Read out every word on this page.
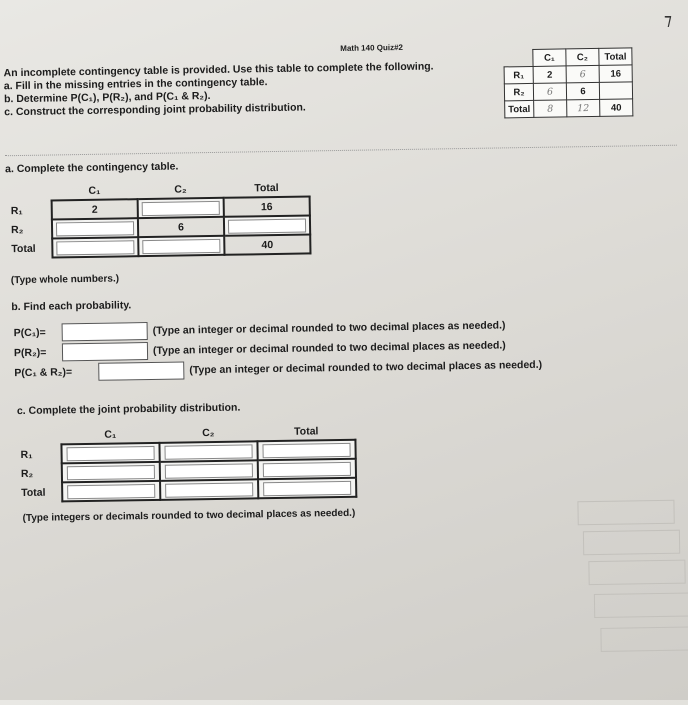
Math 140 Quiz#2
An incomplete contingency table is provided. Use this table to complete the following.
a. Fill in the missing entries in the contingency table.
b. Determine P(C₁), P(R₂), and P(C₁ & R₂).
c. Construct the corresponding joint probability distribution.
	C₁	C₂	Total
R₁	2	6	16
R₂	6	6	
Total	8	12	40
a. Complete the contingency table.
	C₁	C₂	Total
R₁	2		16
R₂		6	

Total			40
(Type whole numbers.)
b. Find each probability.
P(C₁)=	(Type an integer or decimal rounded to two decimal places as needed.)
P(R₂)=	(Type an integer or decimal rounded to two decimal places as needed.)
P(C₁ & R₂)=	(Type an integer or decimal rounded to two decimal places as needed.)
c. Complete the joint probability distribution.
	C₁	C₂	Total
R₁	

R₂	

Total	

(Type integers or decimals rounded to two decimal places as needed.)
⁊
